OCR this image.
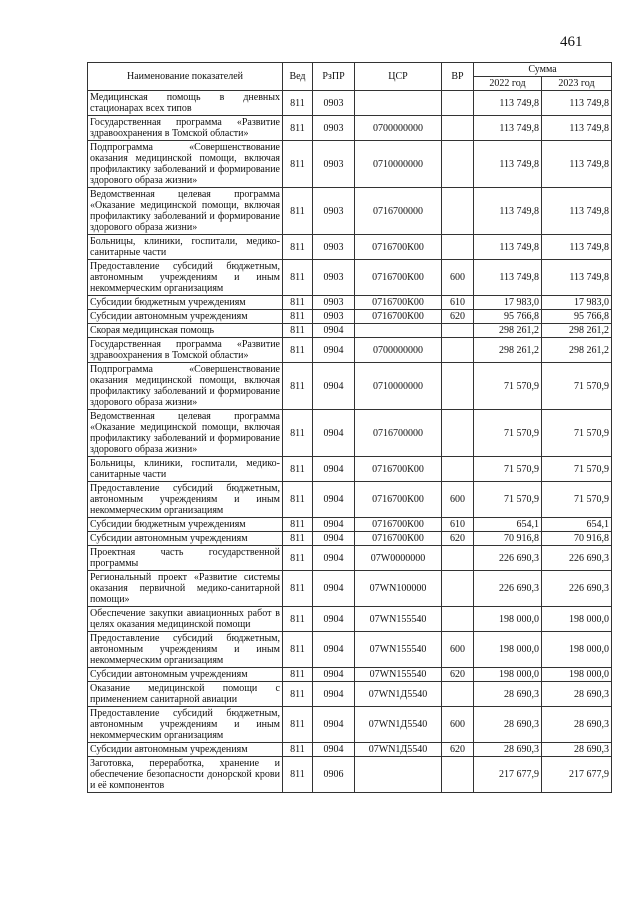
461
Наименование показателей	Вед	РзПР	ЦСР	ВР	Сумма	
					2022 год	2023 год
Медицинская помощь в дневных стационарах всех типов	811	0903			113 749,8	113 749,8
Государственная программа «Развитие здравоохранения в Томской области»	811	0903	0700000000		113 749,8	113 749,8
Подпрограмма «Совершенствование оказания медицинской помощи, включая профилактику заболеваний и формирование здорового образа жизни»	811	0903	0710000000		113 749,8	113 749,8
Ведомственная целевая программа «Оказание медицинской помощи, включая профилактику заболеваний и формирование здорового образа жизни»	811	0903	0716700000		113 749,8	113 749,8
Больницы, клиники, госпитали, медико-санитарные части	811	0903	0716700К00		113 749,8	113 749,8
Предоставление субсидий бюджетным, автономным учреждениям и иным некоммерческим организациям	811	0903	0716700К00	600	113 749,8	113 749,8
Субсидии бюджетным учреждениям	811	0903	0716700К00	610	17 983,0	17 983,0
Субсидии автономным учреждениям	811	0903	0716700К00	620	95 766,8	95 766,8
Скорая медицинская помощь	811	0904			298 261,2	298 261,2
Государственная программа «Развитие здравоохранения в Томской области»	811	0904	0700000000		298 261,2	298 261,2
Подпрограмма «Совершенствование оказания медицинской помощи, включая профилактику заболеваний и формирование здорового образа жизни»	811	0904	0710000000		71 570,9	71 570,9
Ведомственная целевая программа «Оказание медицинской помощи, включая профилактику заболеваний и формирование здорового образа жизни»	811	0904	0716700000		71 570,9	71 570,9
Больницы, клиники, госпитали, медико-санитарные части	811	0904	0716700К00		71 570,9	71 570,9
Предоставление субсидий бюджетным, автономным учреждениям и иным некоммерческим организациям	811	0904	0716700К00	600	71 570,9	71 570,9
Субсидии бюджетным учреждениям	811	0904	0716700К00	610	654,1	654,1
Субсидии автономным учреждениям	811	0904	0716700К00	620	70 916,8	70 916,8
Проектная часть государственной программы	811	0904	07W0000000		226 690,3	226 690,3
Региональный проект «Развитие системы оказания первичной медико-санитарной помощи»	811	0904	07WN100000		226 690,3	226 690,3
Обеспечение закупки авиационных работ в целях оказания медицинской помощи	811	0904	07WN155540		198 000,0	198 000,0
Предоставление субсидий бюджетным, автономным учреждениям и иным некоммерческим организациям	811	0904	07WN155540	600	198 000,0	198 000,0
Субсидии автономным учреждениям	811	0904	07WN155540	620	198 000,0	198 000,0
Оказание медицинской помощи с применением санитарной авиации	811	0904	07WN1Д5540		28 690,3	28 690,3
Предоставление субсидий бюджетным, автономным учреждениям и иным некоммерческим организациям	811	0904	07WN1Д5540	600	28 690,3	28 690,3
Субсидии автономным учреждениям	811	0904	07WN1Д5540	620	28 690,3	28 690,3
Заготовка, переработка, хранение и обеспечение безопасности донорской крови и её компонентов	811	0906			217 677,9	217 677,9
